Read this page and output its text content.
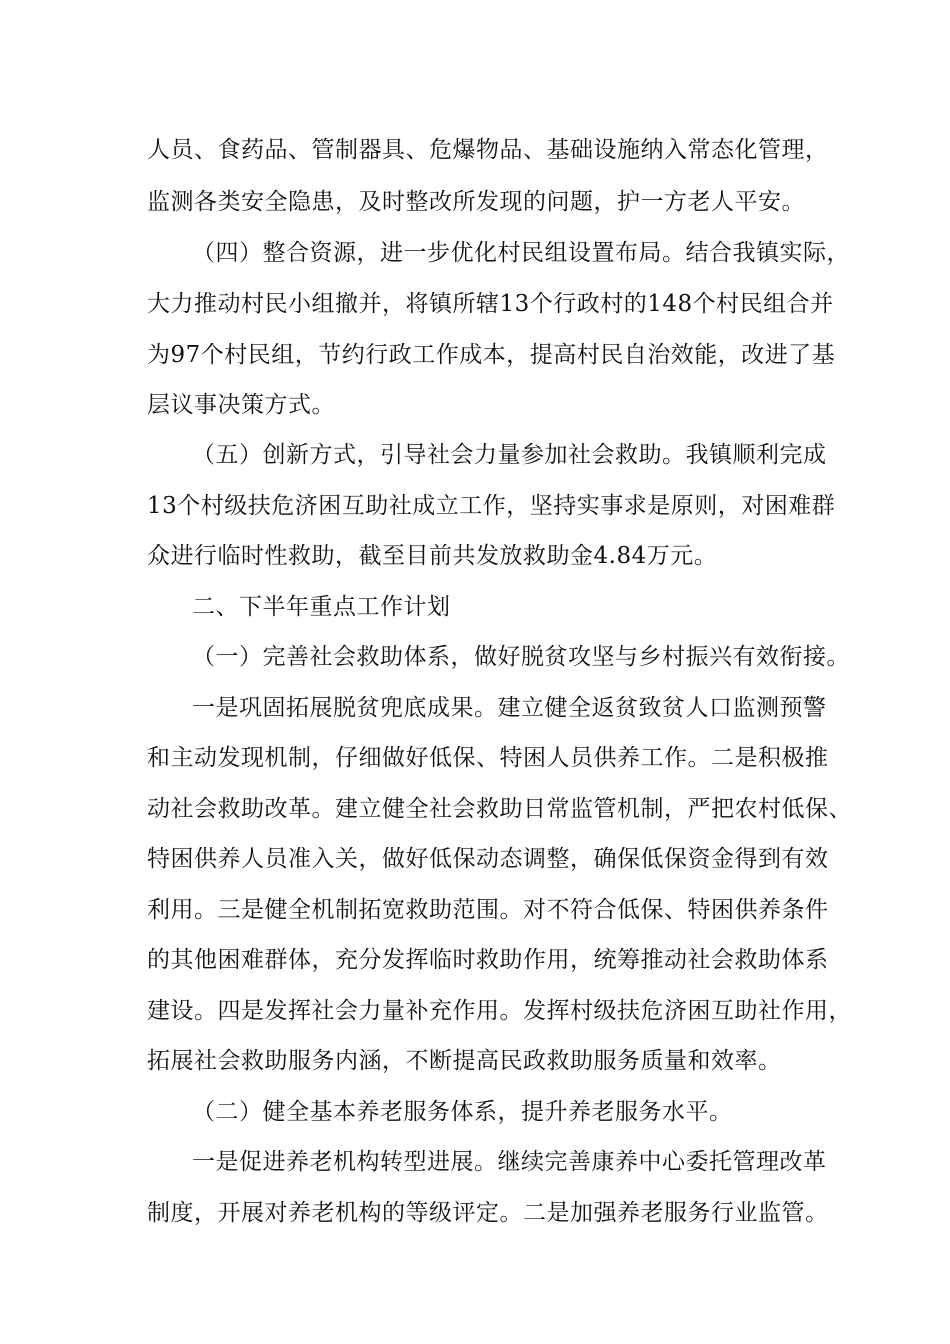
人员、食药品、管制器具、危爆物品、基础设施纳入常态化管理，
监测各类安全隐患，及时整改所发现的问题，护一方老人平安。
（四）整合资源，进一步优化村民组设置布局。结合我镇实际，
大力推动村民小组撤并，将镇所辖13个行政村的148个村民组合并
为97个村民组，节约行政工作成本，提高村民自治效能，改进了基
层议事决策方式。
（五）创新方式，引导社会力量参加社会救助。我镇顺利完成
13个村级扶危济困互助社成立工作，坚持实事求是原则，对困难群
众进行临时性救助，截至目前共发放救助金4.84万元。
二、下半年重点工作计划
（一）完善社会救助体系，做好脱贫攻坚与乡村振兴有效衔接。
一是巩固拓展脱贫兜底成果。建立健全返贫致贫人口监测预警
和主动发现机制，仔细做好低保、特困人员供养工作。二是积极推
动社会救助改革。建立健全社会救助日常监管机制，严把农村低保、
特困供养人员准入关，做好低保动态调整，确保低保资金得到有效
利用。三是健全机制拓宽救助范围。对不符合低保、特困供养条件
的其他困难群体，充分发挥临时救助作用，统筹推动社会救助体系
建设。四是发挥社会力量补充作用。发挥村级扶危济困互助社作用，
拓展社会救助服务内涵，不断提高民政救助服务质量和效率。
（二）健全基本养老服务体系，提升养老服务水平。
一是促进养老机构转型进展。继续完善康养中心委托管理改革
制度，开展对养老机构的等级评定。二是加强养老服务行业监管。
